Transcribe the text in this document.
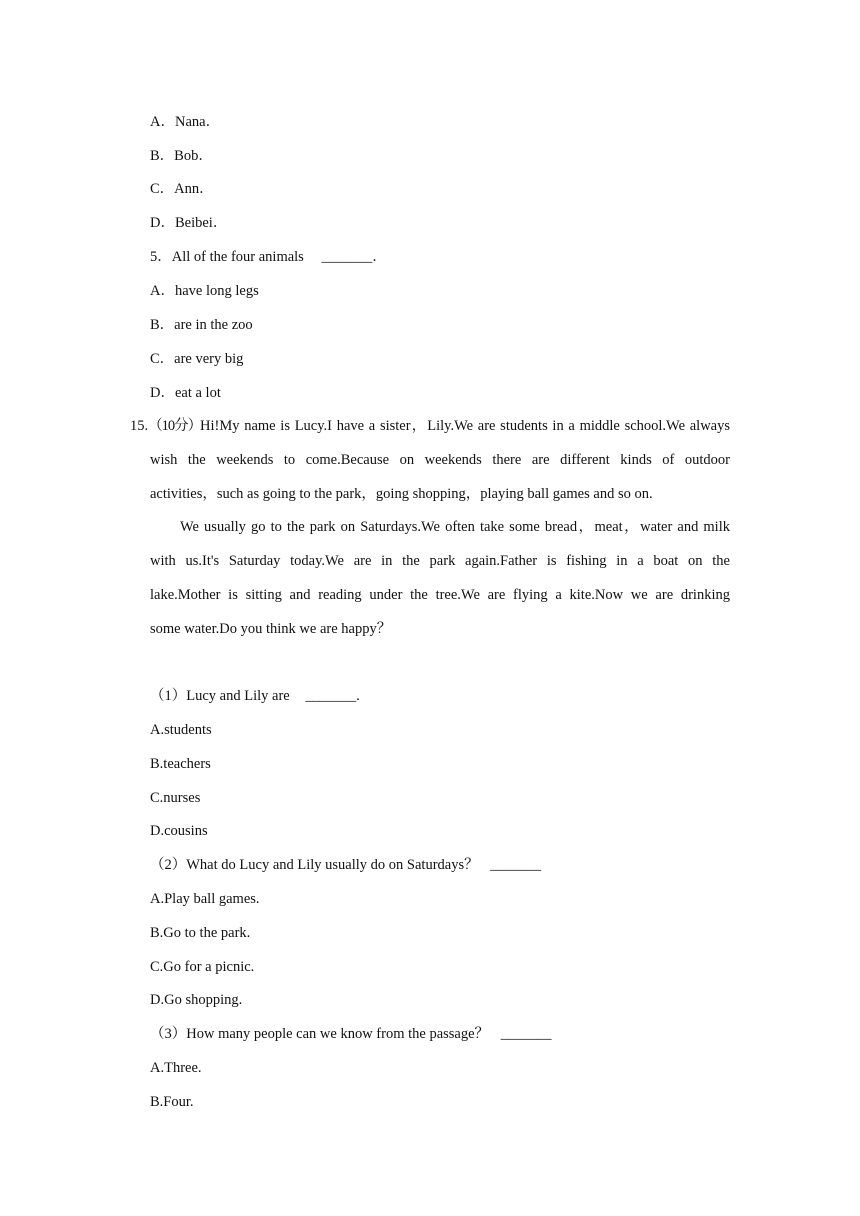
A．Nana．
B．Bob．
C．Ann．
D．Beibei．
5．All of the four animals _______．
A．have long legs
B．are in the zoo
C．are very big
D．eat a lot
15.（10分）
Hi!My name is Lucy.I have a sister，Lily.We are students in a middle school.We always
wish the weekends to come.Because on weekends there are different kinds of outdoor
activities，such as going to the park，going shopping，playing ball games and so on.
We usually go to the park on Saturdays.We often take some bread，meat，water and milk
with us.It's Saturday today.We are in the park again.Father is fishing in a boat on the
lake.Mother is sitting and reading under the tree.We are flying a kite.Now we are drinking
some water.Do you think we are happy？
（1）Lucy and Lily are _______.
A.students
B.teachers
C.nurses
D.cousins
（2）What do Lucy and Lily usually do on Saturdays？ _______
A.Play ball games.
B.Go to the park.
C.Go for a picnic.
D.Go shopping.
（3）How many people can we know from the passage？ _______
A.Three.
B.Four.
